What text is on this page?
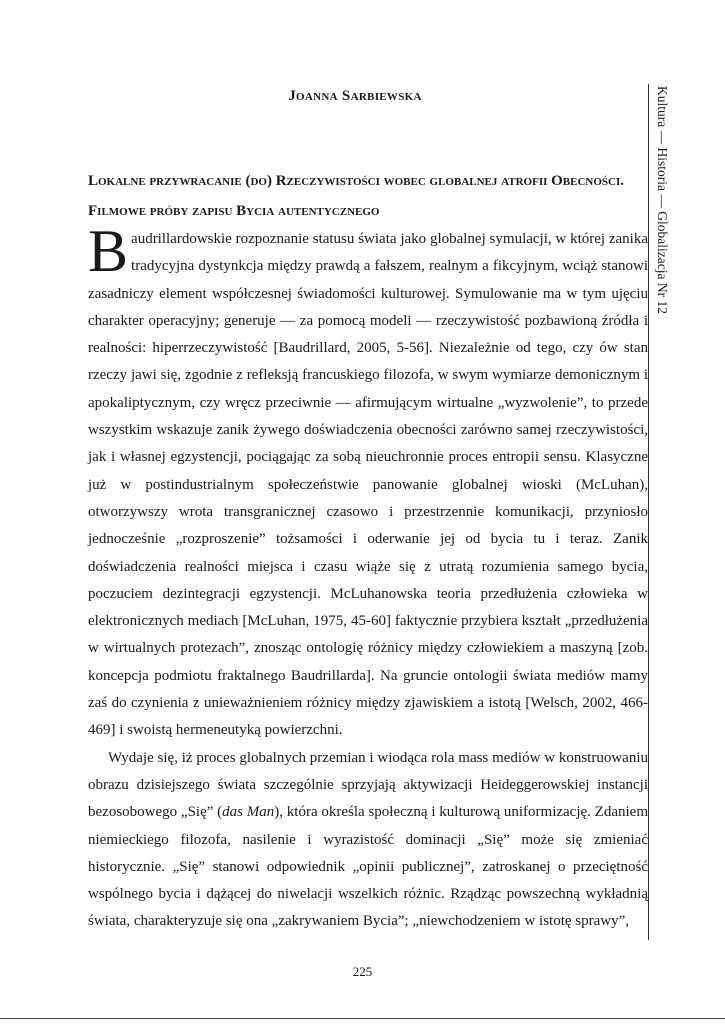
Kultura — Historia — Globalizacja Nr 12
Joanna Sarbiewska
Lokalne przywracanie (do) Rzeczywistości wobec globalnej atrofii Obecności. Filmowe próby zapisu Bycia autentycznego

Baudrillardowskie rozpoznanie statusu świata jako globalnej symulacji, w której zanika tradycyjna dystynkcja między prawdą a fałszem, realnym a fikcyjnym, wciąż stanowi zasadniczy element współczesnej świadomości kulturowej. Symulowanie ma w tym ujęciu charakter operacyjny; generuje — za pomocą modeli — rzeczywistość pozbawioną źródła i realności: hiperrzeczywistość [Baudrillard, 2005, 5-56]. Niezależnie od tego, czy ów stan rzeczy jawi się, zgodnie z refleksją francuskiego filozofa, w swym wymiarze demonicznym i apokaliptycznym, czy wręcz przeciwnie — afirmującym wirtualne „wyzwolenie”, to przede wszystkim wskazuje zanik żywego doświadczenia obecności zarówno samej rzeczywistości, jak i własnej egzystencji, pociągając za sobą nieuchronnie proces entropii sensu. Klasyczne już w postindustrialnym społeczeństwie panowanie globalnej wioski (McLuhan), otworzywszy wrota transgranicznej czasowo i przestrzennie komunikacji, przyniosło jednocześnie „rozproszenie” tożsamości i oderwanie jej od bycia tu i teraz. Zanik doświadczenia realności miejsca i czasu wiąże się z utratą rozumienia samego bycia, poczuciem dezintegracji egzystencji. McLuhanowska teoria przedłużenia człowieka w elektronicznych mediach [McLuhan, 1975, 45-60] faktycznie przybiera kształt „przedłużenia w wirtualnych protezach”, znosząc ontologię różnicy między człowiekiem a maszyną [zob. koncepcja podmiotu fraktalnego Baudrillarda]. Na gruncie ontologii świata mediów mamy zaś do czynienia z unieważnieniem różnicy między zjawiskiem a istotą [Welsch, 2002, 466-469] i swoistą hermeneutyką powierzchni.

Wydaje się, iż proces globalnych przemian i wiodąca rola mass mediów w konstruowaniu obrazu dzisiejszego świata szczególnie sprzyjają aktywizacji Heideggerowskiej instancji bezosobowego „Się” (das Man), która określa społeczną i kulturową uniformizację. Zdaniem niemieckiego filozofa, nasilenie i wyrazistość dominacji „Się” może się zmieniać historycznie. „Się” stanowi odpowiednik „opinii publicznej”, zatroskanej o przeciętność wspólnego bycia i dążącej do niwelacji wszelkich różnic. Rządząc powszechną wykładnią świata, charakteryzuje się ona „zakrywaniem Bycia”; „niewchodzeniem w istotę sprawy”,

225
